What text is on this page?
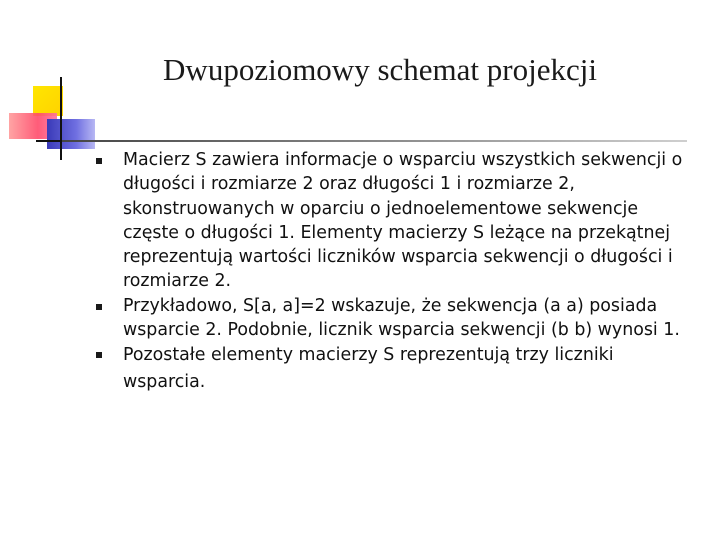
Dwupoziomowy schemat projekcji
Macierz S zawiera informacje o wsparciu wszystkich sekwencji o długości i rozmiarze 2 oraz długości 1 i rozmiarze 2, skonstruowanych w oparciu o jednoelementowe sekwencje częste o długości 1. Elementy macierzy S leżące na przekątnej reprezentują wartości liczników wsparcia sekwencji o długości i rozmiarze 2.
Przykładowo, S[a, a]=2 wskazuje, że sekwencja (a a) posiada wsparcie 2. Podobnie, licznik wsparcia sekwencji (b b) wynosi 1.
Pozostałe elementy macierzy S reprezentują trzy liczniki wsparcia.
